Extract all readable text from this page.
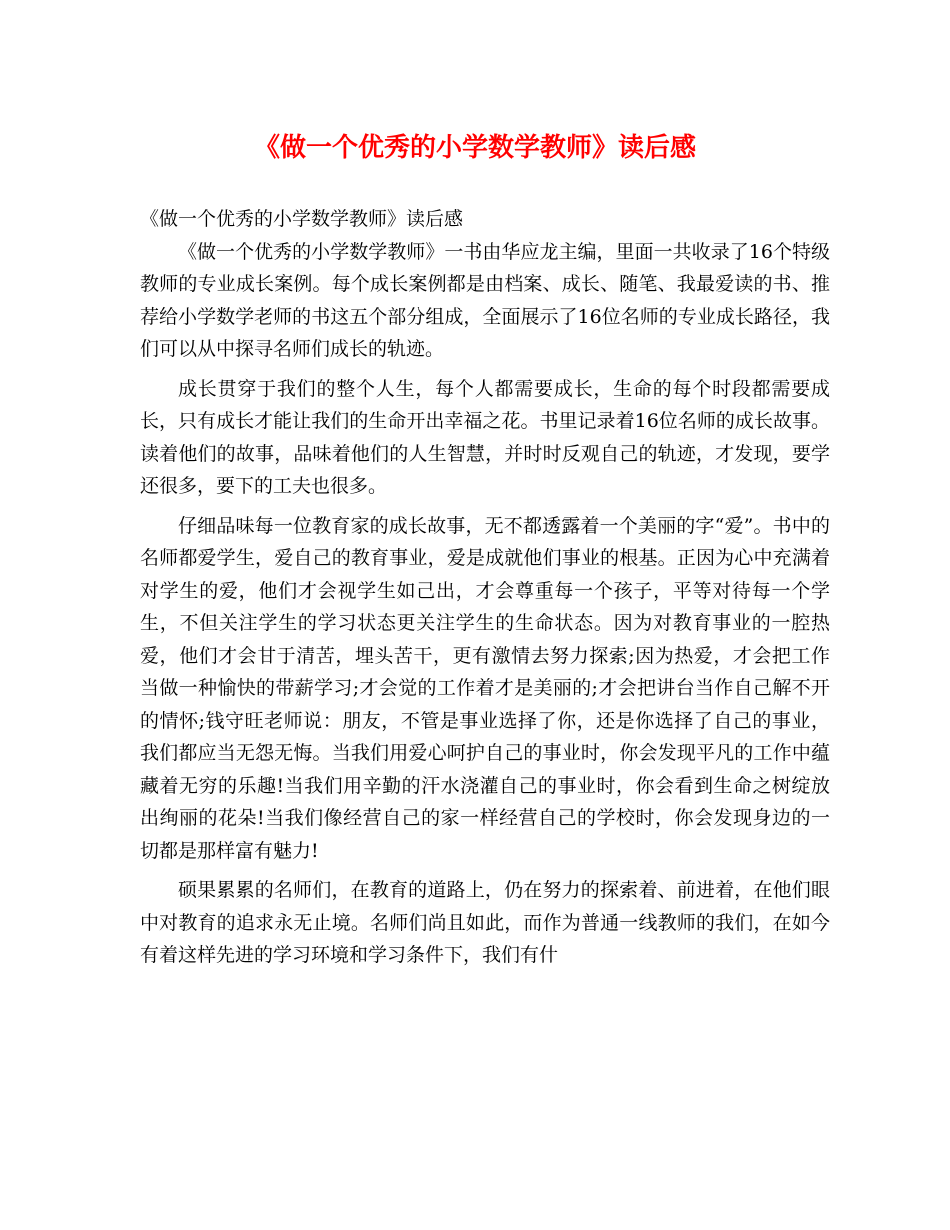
《做一个优秀的小学数学教师》读后感

《做一个优秀的小学数学教师》读后感

《做一个优秀的小学数学教师》一书由华应龙主编，里面一共收录了16个特级教师的专业成长案例。每个成长案例都是由档案、成长、随笔、我最爱读的书、推荐给小学数学老师的书这五个部分组成，全面展示了16位名师的专业成长路径，我们可以从中探寻名师们成长的轨迹。

成长贯穿于我们的整个人生，每个人都需要成长，生命的每个时段都需要成长，只有成长才能让我们的生命开出幸福之花。书里记录着16位名师的成长故事。读着他们的故事，品味着他们的人生智慧，并时时反观自己的轨迹，才发现，要学还很多，要下的工夫也很多。

仔细品味每一位教育家的成长故事，无不都透露着一个美丽的字“爱”。书中的名师都爱学生，爱自己的教育事业，爱是成就他们事业的根基。正因为心中充满着对学生的爱，他们才会视学生如己出，才会尊重每一个孩子，平等对待每一个学生，不但关注学生的学习状态更关注学生的生命状态。因为对教育事业的一腔热爱，他们才会甘于清苦，埋头苦干，更有激情去努力探索;因为热爱，才会把工作当做一种愉快的带薪学习;才会觉的工作着才是美丽的;才会把讲台当作自己解不开的情怀;钱守旺老师说：朋友，不管是事业选择了你，还是你选择了自己的事业，我们都应当无怨无悔。当我们用爱心呵护自己的事业时，你会发现平凡的工作中蕴藏着无穷的乐趣!当我们用辛勤的汗水浇灌自己的事业时，你会看到生命之树绽放出绚丽的花朵!当我们像经营自己的家一样经营自己的学校时，你会发现身边的一切都是那样富有魅力!

硕果累累的名师们，在教育的道路上，仍在努力的探索着、前进着，在他们眼中对教育的追求永无止境。名师们尚且如此，而作为普通一线教师的我们，在如今有着这样先进的学习环境和学习条件下，我们有什
